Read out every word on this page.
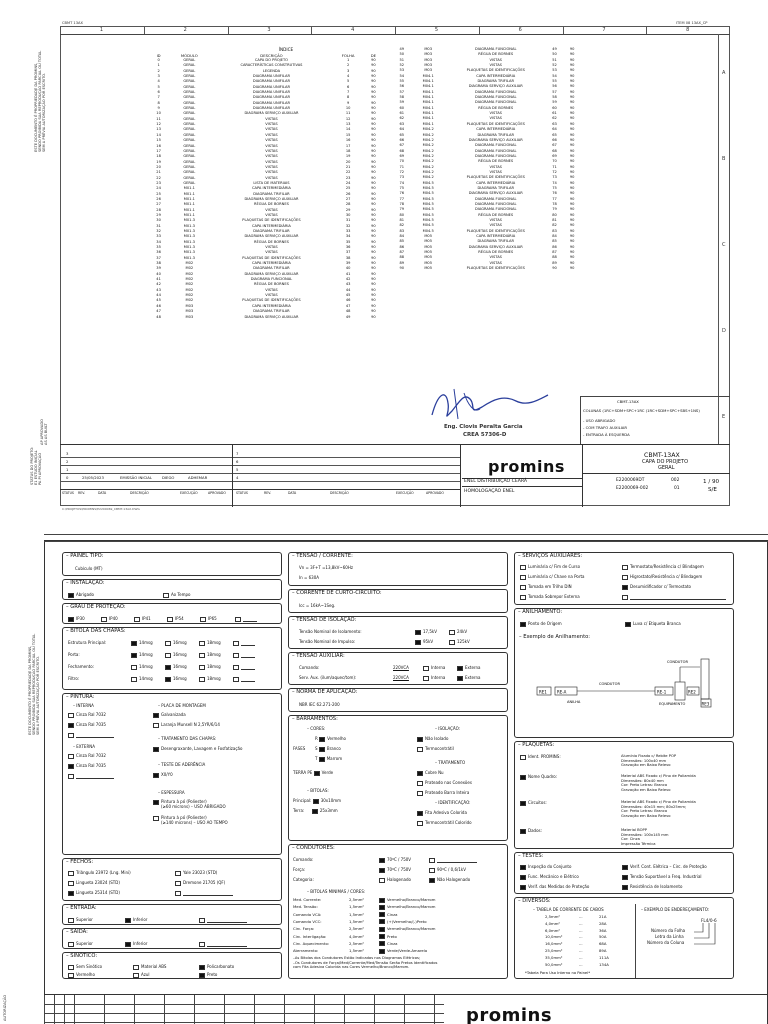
CBMT 13AX	ITEM 08 13AX_CP
1	2	3	4	5	6	7	8
A
B
C
D
E
ESTE DOCUMENTO É PROPRIEDADE DA PROMINS, SENDO PROIBIDA SUA REPRODUÇÃO PARCIAL OU TOTAL SEM A PRÉVIA AUTORIZAÇÃO POR ESCRITO.
STATUS DO PROJETO: E1 ESTUDO INICIAL PA PI APROVAÇÃO
AP APROVADO AS AS BUILT
ÍNDICE
ID	MÓDULO	DESCRIÇÃO	FOLHA	DE
0	GERAL	CAPA DO PROJETO	1	90
1	GERAL	CARACTERÍSTICAS CONSTRUTIVAS	2	90
2	GERAL	LEGENDA	3	90
3	GERAL	DIAGRAMA UNIFILAR	4	90
4	GERAL	DIAGRAMA UNIFILAR	5	90
5	GERAL	DIAGRAMA UNIFILAR	6	90
6	GERAL	DIAGRAMA UNIFILAR	7	90
7	GERAL	DIAGRAMA UNIFILAR	8	90
8	GERAL	DIAGRAMA UNIFILAR	9	90
9	GERAL	DIAGRAMA UNIFILAR	10	90
10	GERAL	DIAGRAMA SERVIÇO AUXILIAR	11	90
11	GERAL	VISTAS	12	90
12	GERAL	VISTAS	13	90
13	GERAL	VISTAS	14	90
14	GERAL	VISTAS	15	90
15	GERAL	VISTAS	16	90
16	GERAL	VISTAS	17	90
17	GERAL	VISTAS	18	90
18	GERAL	VISTAS	19	90
19	GERAL	VISTAS	20	90
20	GERAL	VISTAS	21	90
21	GERAL	VISTAS	22	90
22	GERAL	VISTAS	23	90
23	GERAL	LISTA DE MATERIAIS	24	90
24	M01.1	CAPA INTERMEDIÁRIA	25	90
25	M01.1	DIAGRAMA TRIFILAR	26	90
26	M01.1	DIAGRAMA SERVIÇO AUXILIAR	27	90
27	M01.1	RÉGUA DE BORNES	28	90
28	M01.1	VISTAS	29	90
29	M01.1	VISTAS	30	90
30	M01.3	PLAQUETAS DE IDENTIFICAÇÕES	31	90
31	M01.3	CAPA INTERMEDIÁRIA	32	90
32	M01.3	DIAGRAMA TRIFILAR	33	90
33	M01.3	DIAGRAMA SERVIÇO AUXILIAR	34	90
34	M01.3	RÉGUA DE BORNES	35	90
35	M01.3	VISTAS	36	90
36	M01.3	VISTAS	37	90
37	M01.3	PLAQUETAS DE IDENTIFICAÇÕES	38	90
38	M02	CAPA INTERMEDIÁRIA	39	90
39	M02	DIAGRAMA TRIFILAR	40	90
40	M02	DIAGRAMA SERVIÇO AUXILIAR	41	90
41	M02	DIAGRAMA FUNCIONAL	42	90
42	M02	RÉGUA DE BORNES	43	90
43	M02	VISTAS	44	90
44	M02	VISTAS	45	90
45	M02	PLAQUETAS DE IDENTIFICAÇÕES	46	90
46	M03	CAPA INTERMEDIÁRIA	47	90
47	M03	DIAGRAMA TRIFILAR	48	90
48	M03	DIAGRAMA SERVIÇO AUXILIAR	49	90
49	M03	DIAGRAMA FUNCIONAL	49	90
50	M03	RÉGUA DE BORNES	50	90
51	M03	VISTAS	51	90
52	M03	VISTAS	52	90
53	M03	PLAQUETAS DE IDENTIFICAÇÕES	53	90
54	M04.1	CAPA INTERMEDIÁRIA	54	90
55	M04.1	DIAGRAMA TRIFILAR	55	90
56	M04.1	DIAGRAMA SERVIÇO AUXILIAR	56	90
57	M04.1	DIAGRAMA FUNCIONAL	57	90
58	M04.1	DIAGRAMA FUNCIONAL	58	90
59	M04.1	DIAGRAMA FUNCIONAL	59	90
60	M04.1	RÉGUA DE BORNES	60	90
61	M04.1	VISTAS	61	90
62	M04.1	VISTAS	62	90
63	M04.1	PLAQUETAS DE IDENTIFICAÇÕES	63	90
64	M04.2	CAPA INTERMEDIÁRIA	64	90
65	M04.2	DIAGRAMA TRIFILAR	65	90
66	M04.2	DIAGRAMA SERVIÇO AUXILIAR	66	90
67	M04.2	DIAGRAMA FUNCIONAL	67	90
68	M04.2	DIAGRAMA FUNCIONAL	68	90
69	M04.2	DIAGRAMA FUNCIONAL	69	90
70	M04.2	RÉGUA DE BORNES	70	90
71	M04.2	VISTAS	71	90
72	M04.2	VISTAS	72	90
73	M04.2	PLAQUETAS DE IDENTIFICAÇÕES	73	90
74	M04.5	CAPA INTERMEDIÁRIA	74	90
75	M04.5	DIAGRAMA TRIFILAR	75	90
76	M04.5	DIAGRAMA SERVIÇO AUXILIAR	76	90
77	M04.5	DIAGRAMA FUNCIONAL	77	90
78	M04.5	DIAGRAMA FUNCIONAL	78	90
79	M04.5	DIAGRAMA FUNCIONAL	79	90
80	M04.5	RÉGUA DE BORNES	80	90
81	M04.5	VISTAS	81	90
82	M04.5	VISTAS	82	90
83	M04.5	PLAQUETAS DE IDENTIFICAÇÕES	83	90
84	M05	CAPA INTERMEDIÁRIA	84	90
85	M05	DIAGRAMA TRIFILAR	85	90
86	M05	DIAGRAMA SERVIÇO AUXILIAR	86	90
87	M05	RÉGUA DE BORNES	87	90
88	M05	VISTAS	88	90
89	M05	VISTAS	89	90
90	M05	PLAQUETAS DE IDENTIFICAÇÕES	90	90
Eng. Clovis Peralta Garcia
CREA 57306-D
CBMT-13AX
COLUNAS (1RC+SDM+SPC+1RC (1RC+SDM+SPC+SBS+1NS)
- USO ABRIGADO
- COM TRAFO AUXILIAR
- ENTRADA À ESQUERDA
3	7
2	6
1	5
0	25/05/2023	EMISSÃO INICIAL	DIEGO	ADHEMAR	4
STATUS REV.	DATA	DESCRIÇÃO	EXECUÇÃO	APROVADO	STATUS	REV.	DATA	DESCRIÇÃO	EXECUÇÃO	APROVADO
promins
ENEL DISTRIBUIÇÃO CEARÁ
HOMOLOGAÇÃO ENEL
CBMT-13AX
CAPA DO PROJETO
GERAL
E2200069DT
E2200069-002
002
01
1 / 90
S/E
C:\PROJETOS\PROMINS\E2200069_CBMT-13AX.DWG
ESTE DOCUMENTO É PROPRIEDADE DA PROMINS, SENDO PROIBIDA SUA REPRODUÇÃO PARCIAL OU TOTAL SEM A PRÉVIA AUTORIZAÇÃO POR ESCRITO.
AUTORIZAÇÃO
– PAINEL TIPO:
Cubículo (MT)
– INSTALAÇÃO:
Abrigado	Ao Tempo
– GRAU DE PROTEÇÃO:
IP30	IP40	IP41	IP54	IP65
– BITOLA DAS CHAPAS:
Estrutura Principal:	14msg	16msg	18msg
Porta:	14msg	16msg	18msg
Fechamento:	14msg	16msg	18msg
Filtro:	14msg	16msg	18msg
– PINTURA:
– INTERNA
Cinza Ral 7032
Cinza Ral 7035
– EXTERNA
Cinza Ral 7032
Cinza Ral 7035
– PLACA DE MONTAGEM
Galvanizada
Laranja Munsell N 2,5YR/6/14
– TRATAMENTO DAS CHAPAS:
Desengraxante, Lavagem e Fosfatização
– TESTE DE ADERÊNCIA
X0/Y0
– ESPESSURA
Pintura à pó (Poliester)
(≥60 microns) – USO ABRIGADO
Pintura à pó (Poliester)
(≥140 microns) – USO AO TEMPO
– FECHOS:
Triângulo 23972 (Lng. Mini)
Lingueta 23024 (STD)
Lingueta 25314 (STD)
Yale 23023 (STD)
Dremone 21705 (QF)
– ENTRADA:
Superior	Inferior
– SAÍDA:
Superior	Inferior
– SINÓTICO:
Sem Sinótico	Material ABS	Policarbonato
Vermelho	Azul	Preto
– TENSÃO / CORRENTE:
Vn = 3F+T =13,8kV~60Hz
In = 630A
– CORRENTE DE CURTO-CIRCUITO:
Icc = 16kA~1Seg.
– TENSÃO DE ISOLAÇÃO:
Tensão Nominal de Isolamento:	17,5kV	24kV
Tensão Nominal de Impulso:	95kV	125kV
– TENSÃO AUXILIAR:
Comando:	220VCA	Interna	Externa
Serv. Aux. (ilum/aquec/tom):	220VCA	Interna	Externa
– NORMA DE APLICAÇÃO:
NBR IEC 62.271-200
– BARRAMENTOS:
– CORES:
R Vermelho
FASES S Branco
T Marrom
TERRA PE Verde
– BITOLAS:
Principal: 30x10mm
Terra:	25x3mm
– ISOLAÇÃO:
Não Isolado
Termocontrátil
– TRATAMENTO
Cobre Nu
Prateado nas Conexões
Prateado Barra Inteira
– IDENTIFICAÇÃO:
Fita Adesiva Colorida
Termocontrátil Colorido
– CONDUTORES:
Comando:	70ºC / 750V
Força:	70ºC / 750V	90ºC / 0,6/1kV
Categoria:	Halogenado	Não Halogenado
– BITOLAS MINIMAS / CORES:
Med. Corrente:	2,5mm²	Vermelho/Branco/Marrom
Med. Tensão:	1,5mm²	Vermelho/Branco/Marrom
Comando VCA:	1,5mm²	Cinza
Comando VCC:	1,5mm²	(+)Vermelho/(-)Preto
Circ. Força:	2,5mm²	Vermelho/Branco/Marrom
Circ. Interligação:	4,0mm²	Preto
Circ. Aquecimento:	2,5mm²	Cinza
Aterramento:	1,5mm²	Verde/Verde-Amarelo
–As Bitolas dos Condutores Estão Indicadas nos Diagramas Elétricos;
–Os Condutores de Força/Med/Corrente/Med/Tensão Serão Pretos Identificados
com Fita Adesiva Colorida nas Cores Vermelho/Branco/Marrom.
– SERVIÇOS AUXILIARES:
Luminária c/ Fim de Curso	Termostato/Resistência c/ Blindagem
Luminária c/ Chave na Porta	Higrostato/Resistência c/ Blindagem
Tomada em Trilho DIN	Desumidificador c/ Termostato
Tomada Sobrepor Externa
– ANILHAMENTO:
Ponto de Origem	Luva c/ Etiqueta Branca
– Exemplo de Anilhamento:
RE1	RE-A
CONDUTOR
ANILHA
RE-1	RE2
EQUIPAMENTO
CONDUTOR
RE3
– PLAQUETAS:
Ident. PROMINS:	Alumínio Fixado c/ Rebite POP
Dimensões: 100x40 mm
Gravação em Baixo Relevo
Nome Quadro:	Material ABS Fixado c/ Pino de Poliamida
Dimensões: 80x40 mm
Cor: Preto Letras: Branco
Gravação em Baixo Relevo
Circuitos:	Material ABS Fixado c/ Pino de Poliamida
Dimensões: 40x15 mm; 80x25mm;
Cor: Preto Letras: Branco
Gravação em Baixo Relevo
Dados:	Material BOPP
Dimensões: 100x145 mm
Cor: Cinza
Impressão Térmica
– TESTES:
Inspeção do Conjunto	Verif. Cont. Elétrica – Circ. de Proteção
Func. Mecânico e Elétrico	Tensão Suportável a Freq. Industrial
Verif. das Medidas de Proteção	Resistência de Isolamento
– DIVERSOS:
– TABELA DE CORRENTE DE CABOS
2,5mm²	...	21A
4,0mm²	...	28A
6,0mm²	...	36A
10,0mm²	...	50A
16,0mm²	...	68A
25,0mm²	...	89A
35,0mm²	...	111A
50,0mm²	...	134A
*Tabela Para Uso Interno no Painel*
– EXEMPLO DE ENDEREÇAMENTO:
FL4/0-6
Número da Folha
Letra da Linha
Número da Coluna
promins
